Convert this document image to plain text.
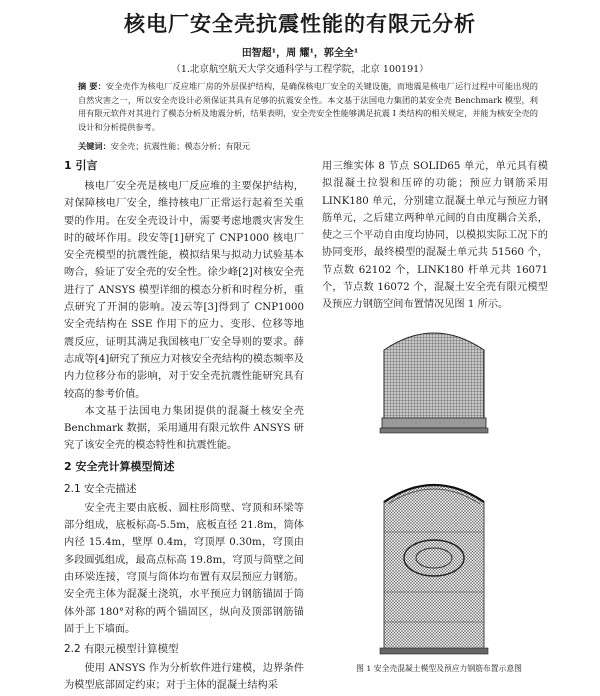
核电厂安全壳抗震性能的有限元分析
田智超¹，周 耀¹，郭全全¹
（1.北京航空航天大学交通科学与工程学院，北京 100191）
摘 要：安全壳作为核电厂反应堆厂房的外层保护结构，是确保核电厂安全的关键设施，而地震是核电厂运行过程中可能出现的自然灾害之一，所以安全壳设计必须保证其具有足够的抗震安全性。本文基于法国电力集团的某安全壳 Benchmark 模型，利用有限元软件对其进行了模态分析及地震分析，结果表明，安全壳安全性能够满足抗震 I 类结构的相关规定，并能为核安全壳的设计和分析提供参考。
关键词：安全壳；抗震性能；模态分析；有限元
1 引言

核电厂安全壳是核电厂反应堆的主要保护结构，对保障核电厂安全，维持核电厂正常运行起着至关重要的作用。在安全壳设计中，需要考虑地震灾害发生时的破坏作用。段安等[1]研究了 CNP1000 核电厂安全壳模型的抗震性能，模拟结果与拟动力试验基本吻合，验证了安全壳的安全性。徐少峰[2]对核安全壳进行了 ANSYS 模型详细的模态分析和时程分析，重点研究了开洞的影响。凌云等[3]得到了 CNP1000 安全壳结构在 SSE 作用下的应力、变形、位移等地震反应，证明其满足我国核电厂安全导则的要求。薛志成等[4]研究了预应力对核安全壳结构的模态频率及内力位移分布的影响，对于安全壳抗震性能研究具有较高的参考价值。

本文基于法国电力集团提供的混凝土核安全壳 Benchmark 数据，采用通用有限元软件 ANSYS 研究了该安全壳的模态特性和抗震性能。

2 安全壳计算模型简述
2.1 安全壳描述

安全壳主要由底板、圆柱形筒壁、穹顶和环梁等部分组成，底板标高-5.5m，底板直径 21.8m，筒体内径 15.4m，壁厚 0.4m，穹顶厚 0.30m，穹顶由多段圆弧组成，最高点标高 19.8m，穹顶与筒壁之间由环梁连接，穹顶与筒体均布置有双层预应力钢筋。安全壳主体为混凝土浇筑，水平预应力钢筋锚固于筒体外部 180°对称的两个锚固区，纵向及顶部钢筋锚固于上下墙面。

2.2 有限元模型计算模型

使用 ANSYS 作为分析软件进行建模，边界条件为模型底部固定约束；对于主体的混凝土结构采

用三维实体 8 节点 SOLID65 单元，单元具有模拟混凝土拉裂和压碎的功能；预应力钢筋采用 LINK180 单元，分别建立混凝土单元与预应力钢筋单元，之后建立两种单元间的自由度耦合关系，使之三个平动自由度均协同，以模拟实际工况下的协同变形，最终模型的混凝土单元共 51560 个，节点数 62102 个，LINK180 杆单元共 16071 个，节点数 16072 个，混凝土安全壳有限元模型及预应力钢筋空间布置情况见图 1 所示。
图 1 安全壳混凝土模型及预应力钢筋布置示意图
